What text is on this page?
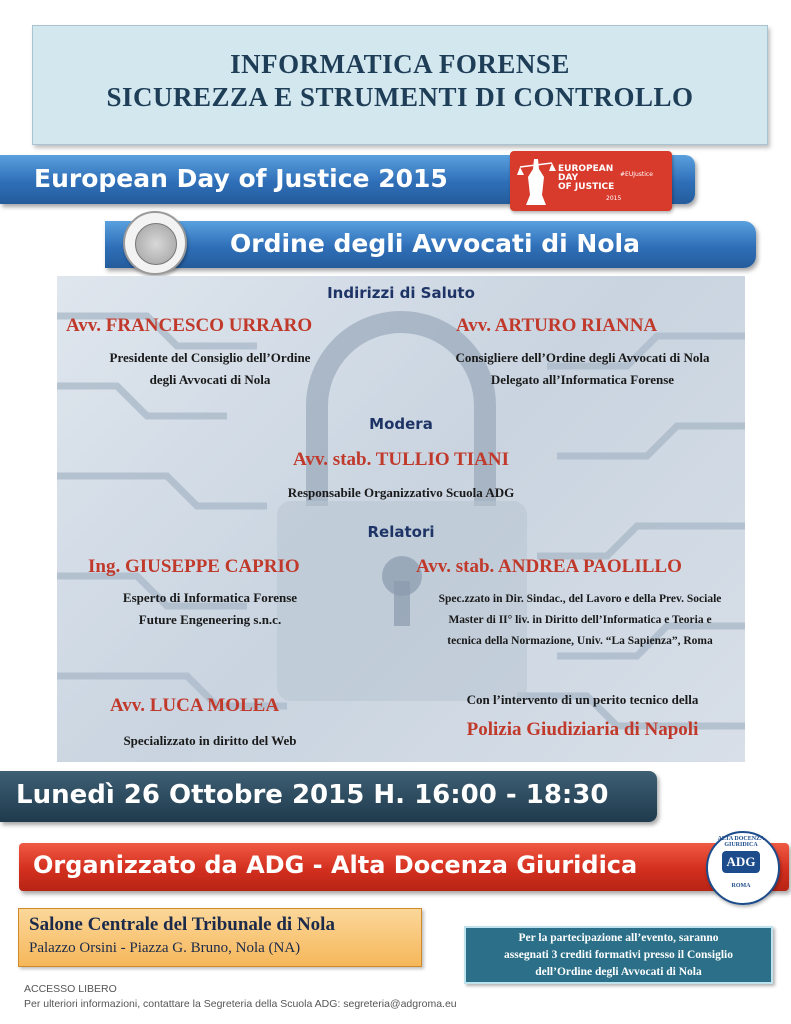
INFORMATICA FORENSE
SICUREZZA E STRUMENTI DI CONTROLLO
European Day of Justice 2015	EUROPEAN
DAY
OF JUSTICE
#EUJustice
2015
Ordine degli Avvocati di Nola
Indirizzi di Saluto
Avv. FRANCESCO URRARO
Presidente del Consiglio dell’Ordine
degli Avvocati di Nola
Avv. ARTURO RIANNA
Consigliere dell’Ordine degli Avvocati di Nola
Delegato all’Informatica Forense
Modera
Avv. stab. TULLIO TIANI
Responsabile Organizzativo Scuola ADG
Relatori
Ing. GIUSEPPE CAPRIO
Esperto di Informatica Forense
Future Engeneering s.n.c.
Avv. stab. ANDREA PAOLILLO
Spec.zzato in Dir. Sindac., del Lavoro e della Prev. Sociale
Master di II° liv. in Diritto dell’Informatica e Teoria e
tecnica della Normazione, Univ. “La Sapienza”, Roma
Avv. LUCA MOLEA
Specializzato in diritto del Web
Con l’intervento di un perito tecnico della
Polizia Giudiziaria di Napoli
Lunedì 26 Ottobre 2015 H. 16:00 - 18:30
Organizzato da ADG - Alta Docenza Giuridica
ALTA DOCENZA GIURIDICA
ADG
ROMA
Salone Centrale del Tribunale di Nola
Palazzo Orsini - Piazza G. Bruno, Nola (NA)
Per la partecipazione all’evento, saranno
assegnati 3 crediti formativi presso il Consiglio
dell’Ordine degli Avvocati di Nola
ACCESSO LIBERO
Per ulteriori informazioni, contattare la Segreteria della Scuola ADG: segreteria@adgroma.eu
